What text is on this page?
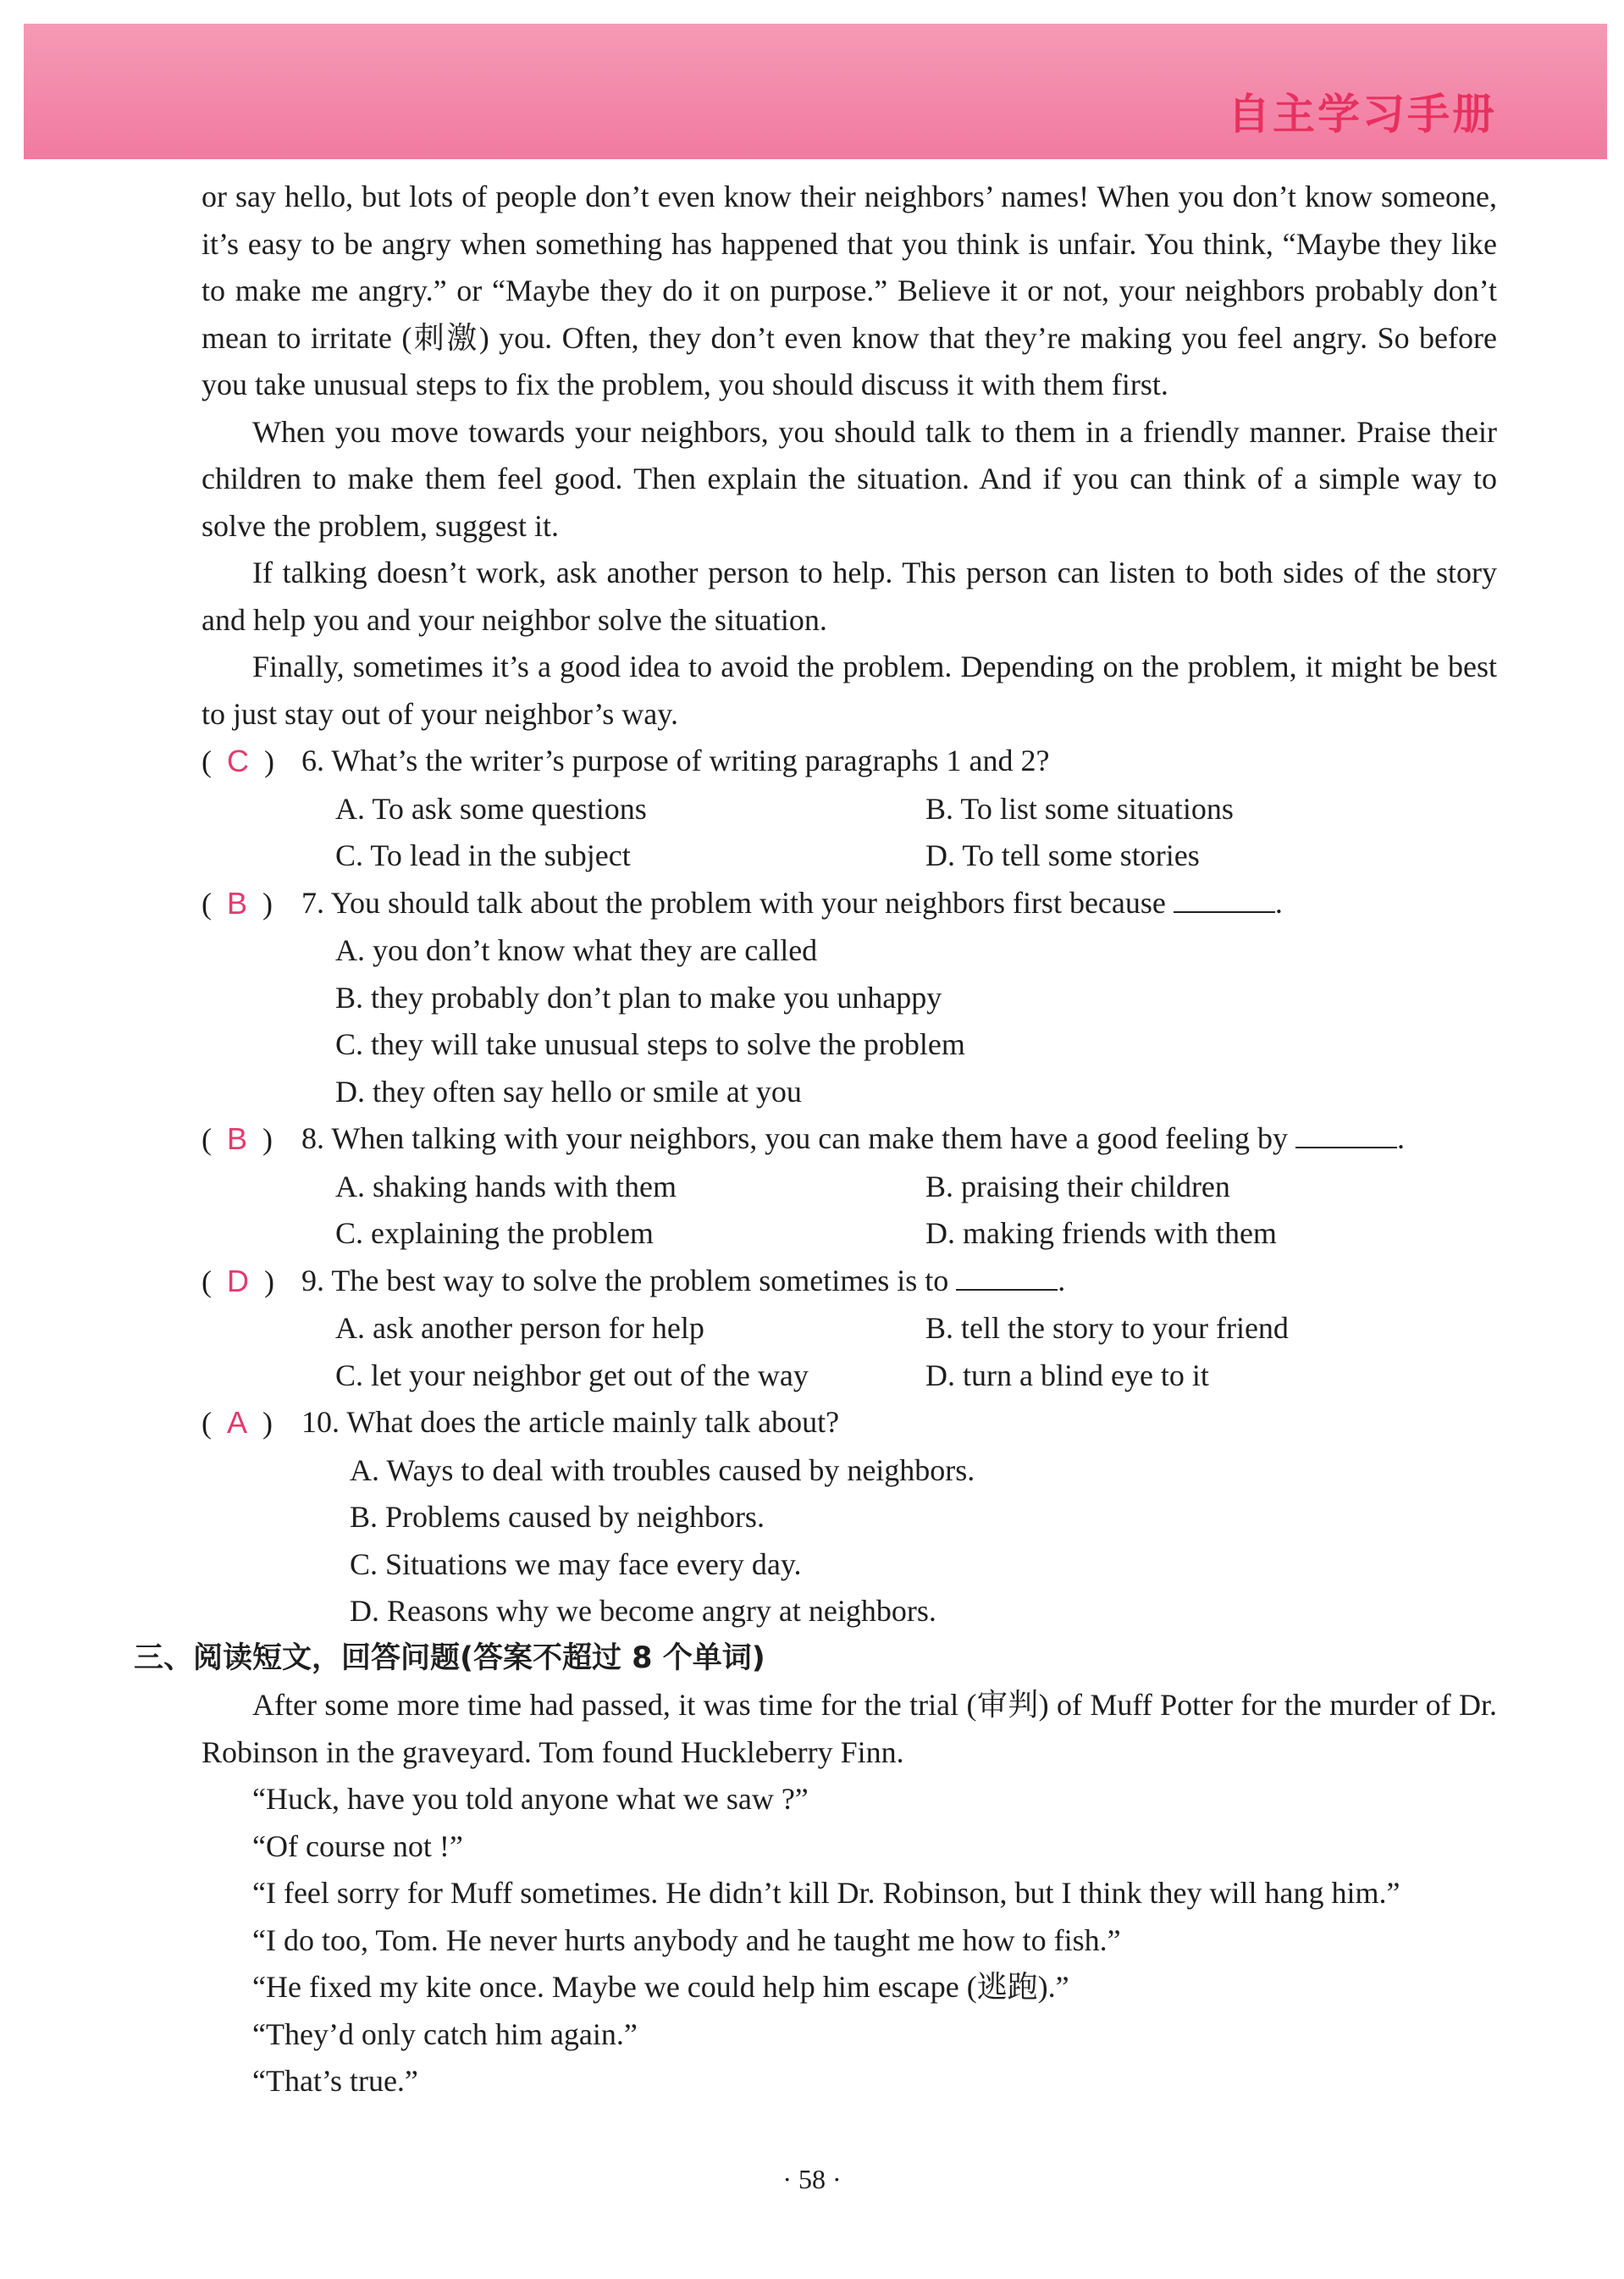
自主学习手册

or say hello, but lots of people don’t even know their neighbors’ names! When you don’t know someone, it’s easy to be angry when something has happened that you think is unfair. You think, “Maybe they like to make me angry.” or “Maybe they do it on purpose.” Believe it or not, your neighbors probably don’t mean to irritate (刺激) you. Often, they don’t even know that they’re making you feel angry. So before you take unusual steps to fix the problem, you should discuss it with them first.

When you move towards your neighbors, you should talk to them in a friendly manner. Praise their children to make them feel good. Then explain the situation. And if you can think of a simple way to solve the problem, suggest it.

If talking doesn’t work, ask another person to help. This person can listen to both sides of the story and help you and your neighbor solve the situation.

Finally, sometimes it’s a good idea to avoid the problem. Depending on the problem, it might be best to just stay out of your neighbor’s way.

(  C  ) 6. What’s the writer’s purpose of writing paragraphs 1 and 2?
A. To ask some questions	B. To list some situations
C. To lead in the subject	D. To tell some stories
(  B  ) 7. You should talk about the problem with your neighbors first because	.
A. you don’t know what they are called
B. they probably don’t plan to make you unhappy
C. they will take unusual steps to solve the problem
D. they often say hello or smile at you
(  B  ) 8. When talking with your neighbors, you can make them have a good feeling by	.
A. shaking hands with them	B. praising their children
C. explaining the problem	D. making friends with them
(  D  ) 9. The best way to solve the problem sometimes is to	.
A. ask another person for help	B. tell the story to your friend
C. let your neighbor get out of the way	D. turn a blind eye to it
(  A  ) 10. What does the article mainly talk about?
A. Ways to deal with troubles caused by neighbors.
B. Problems caused by neighbors.
C. Situations we may face every day.
D. Reasons why we become angry at neighbors.
三、阅读短文，回答问题(答案不超过 8 个单词)

After some more time had passed, it was time for the trial (审判) of Muff Potter for the murder of Dr. Robinson in the graveyard. Tom found Huckleberry Finn.

“Huck, have you told anyone what we saw ?”

“Of course not !”

“I feel sorry for Muff sometimes. He didn’t kill Dr. Robinson, but I think they will hang him.”

“I do too, Tom. He never hurts anybody and he taught me how to fish.”

“He fixed my kite once. Maybe we could help him escape (逃跑).”

“They’d only catch him again.”

“That’s true.”

· 58 ·
